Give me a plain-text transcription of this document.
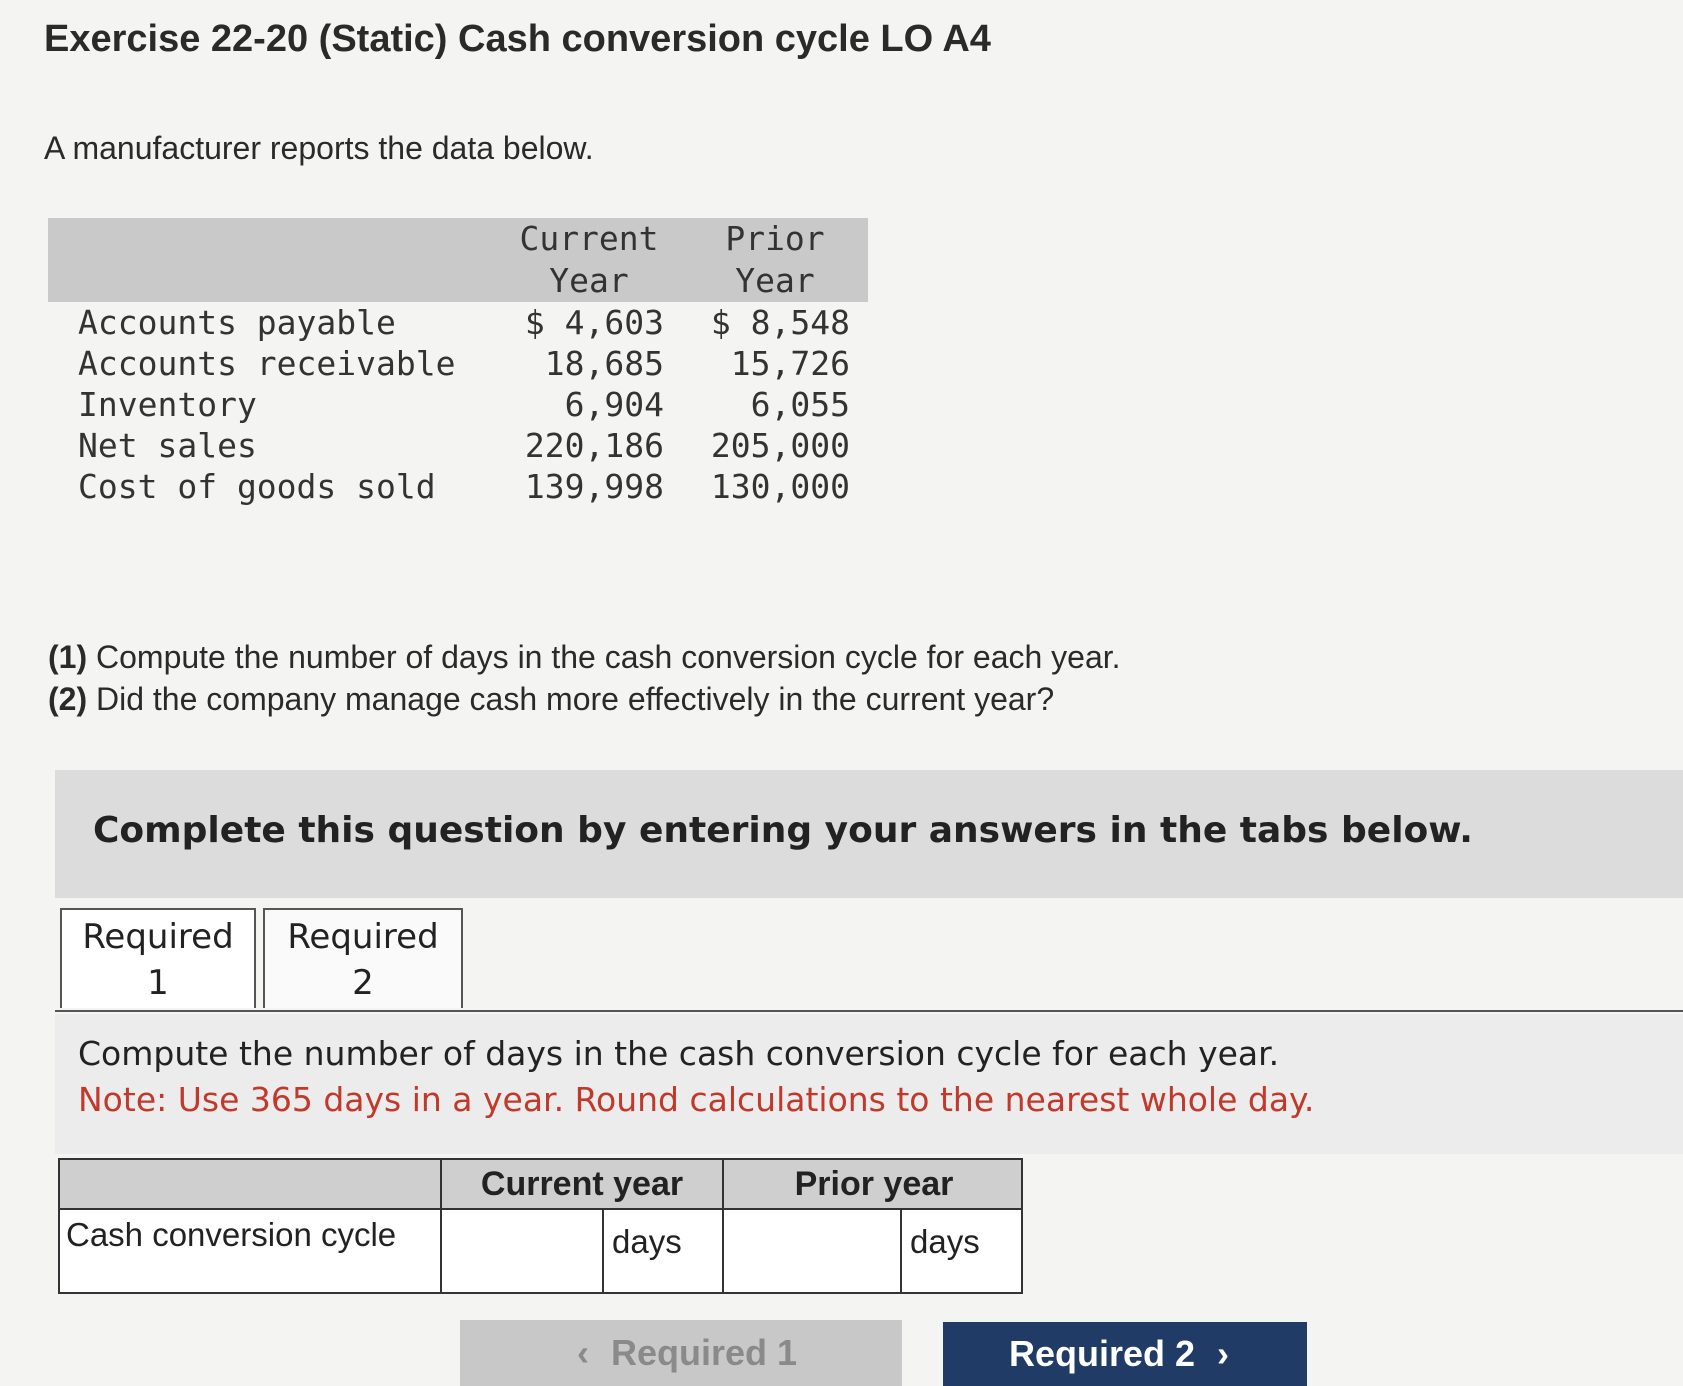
Exercise 22-20 (Static) Cash conversion cycle LO A4
A manufacturer reports the data below.
	Current Year	Prior Year
Accounts payable	$ 4,603	$ 8,548
Accounts receivable	18,685	15,726
Inventory	6,904	6,055
Net sales	220,186	205,000
Cost of goods sold	139,998	130,000
(1) Compute the number of days in the cash conversion cycle for each year.
(2) Did the company manage cash more effectively in the current year?
Complete this question by entering your answers in the tabs below.
Required
1
Required
2
Compute the number of days in the cash conversion cycle for each year.
Note: Use 365 days in a year. Round calculations to the nearest whole day.
Current year	Prior year
Cash conversion cycle	days	days
‹ Required 1	Required 2 ›
